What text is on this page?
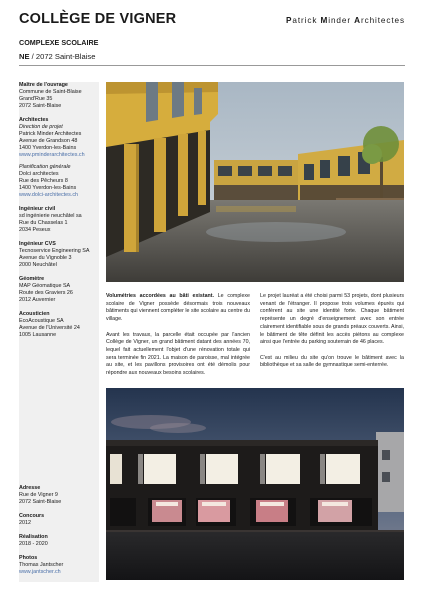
COLLÈGE DE VIGNER
COMPLEXE SCOLAIRE
NE / 2072 Saint-Blaise
Patrick Minder Architectes
Maître de l'ouvrage
Commune de Saint-Blaise
Grand'Rue 35
2072 Saint-Blaise
Architectes
Direction de projet
Patrick Minder Architectes
Avenue de Grandson 48
1400 Yverdon-les-Bains
www.pminderarchitectes.ch
Planification générale
Dolci architectes
Rue des Pêcheurs 8
1400 Yverdon-les-Bains
www.dolci-architectes.ch
Ingénieur civil
sd ingénierie neuchâtel sa
Rue du Chasselas 1
2034 Peseux
Ingénieur CVS
Tecnoservice Engineering SA
Avenue du Vignoble 3
2000 Neuchâtel
Géomètre
MAP Géomatique SA
Route des Graviers 26
2012 Auvernier
Acousticien
EcoAcoustique SA
Avenue de l'Université 24
1005 Lausanne
Adresse
Rue de Vigner 9
2072 Saint-Blaise
Concours
2012
Réalisation
2018 - 2020
Photos
Thomas Jantscher
www.jantscher.ch

Volumétries accordées au bâti existant. Le complexe scolaire de Vigner possède désormais trois nouveaux bâtiments qui viennent compléter le site scolaire au centre du village.

Avant les travaux, la parcelle était occupée par l'ancien Collège de Vigner, un grand bâtiment datant des années 70, lequel fait actuellement l'objet d'une rénovation totale qui sera terminée fin 2021. La maison de paroisse, mal intégrée au site, et les pavillons provisoires ont été démolis pour répondre aux nouveaux besoins scolaires.

Le projet lauréat a été choisi parmi 53 projets, dont plusieurs venant de l'étranger. Il propose trois volumes épurés qui confèrent au site une identité forte. Chaque bâtiment représente un degré d'enseignement avec son entrée clairement identifiable sous de grands préaux couverts. Ainsi, le bâtiment de tête définit les accès piétons au complexe ainsi que l'entrée du parking souterrain de 46 places.

C'est au milieu du site qu'on trouve le bâtiment avec la bibliothèque et sa salle de gymnastique semi-enterrée.
